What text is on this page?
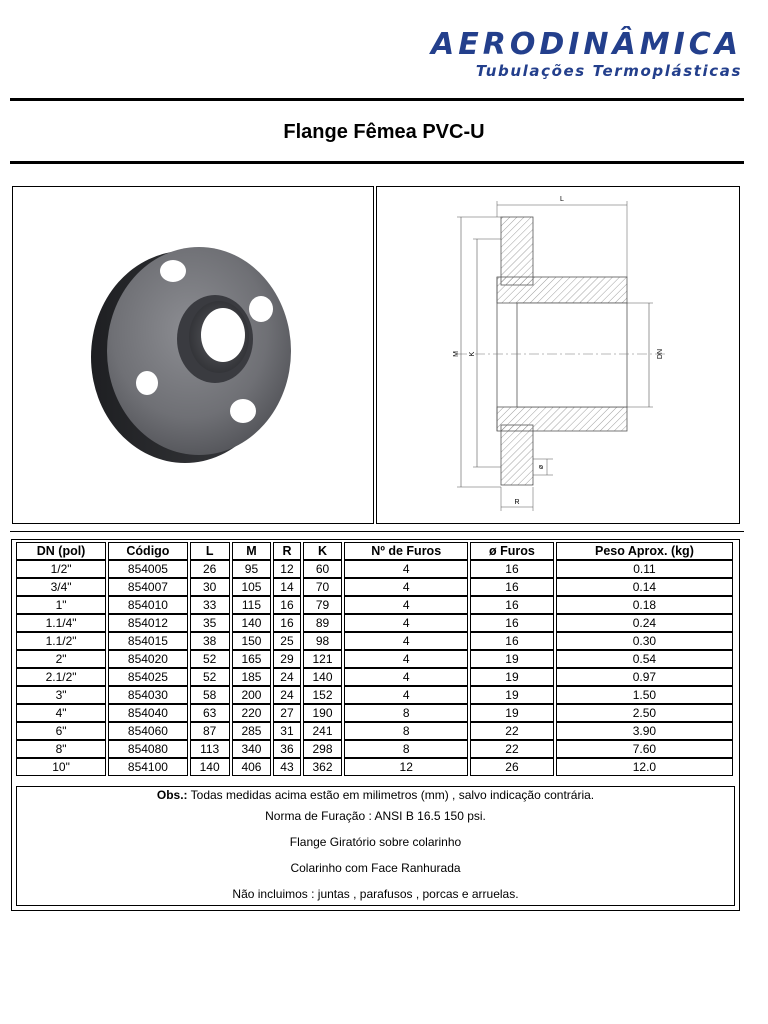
AERODINÂMICA
Tubulações Termoplásticas
Flange Fêmea PVC-U
M K	DN
L
R
ø
DN (pol)	Código	L	M	R	K	Nº de Furos	ø Furos	Peso Aprox. (kg)
1/2"	854005	26	95	12	60	4	16	0.11
3/4"	854007	30	105	14	70	4	16	0.14
1"	854010	33	115	16	79	4	16	0.18
1.1/4"	854012	35	140	16	89	4	16	0.24
1.1/2"	854015	38	150	25	98	4	16	0.30
2"	854020	52	165	29	121	4	19	0.54
2.1/2"	854025	52	185	24	140	4	19	0.97
3"	854030	58	200	24	152	4	19	1.50
4"	854040	63	220	27	190	8	19	2.50
6"	854060	87	285	31	241	8	22	3.90
8"	854080	113	340	36	298	8	22	7.60
10"	854100	140	406	43	362	12	26	12.0

Obs.: Todas medidas acima estão em milimetros (mm) , salvo indicação contrária.

Norma de Furação : ANSI B 16.5 150 psi.

Flange Giratório sobre colarinho

Colarinho com Face Ranhurada

Não incluimos : juntas , parafusos , porcas e arruelas.
